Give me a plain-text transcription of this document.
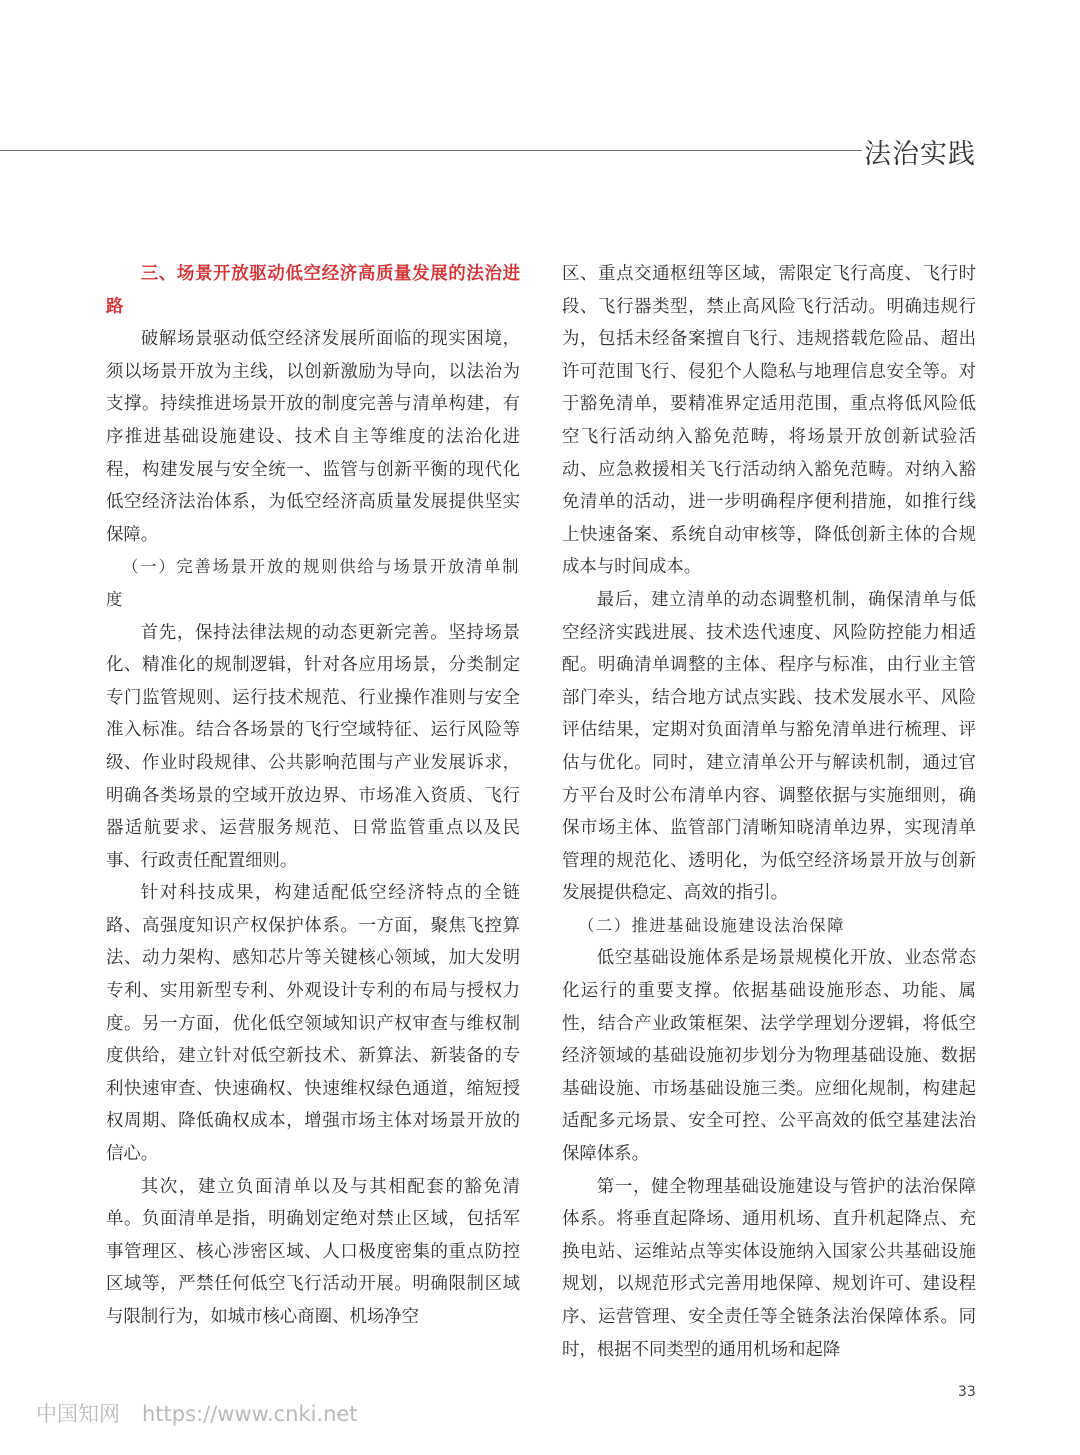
法治实践
三、场景开放驱动低空经济高质量发展的法治进路

破解场景驱动低空经济发展所面临的现实困境，须以场景开放为主线，以创新激励为导向，以法治为支撑。持续推进场景开放的制度完善与清单构建，有序推进基础设施建设、技术自主等维度的法治化进程，构建发展与安全统一、监管与创新平衡的现代化低空经济法治体系，为低空经济高质量发展提供坚实保障。

（一）完善场景开放的规则供给与场景开放清单制度

首先，保持法律法规的动态更新完善。坚持场景化、精准化的规制逻辑，针对各应用场景，分类制定专门监管规则、运行技术规范、行业操作准则与安全准入标准。结合各场景的飞行空域特征、运行风险等级、作业时段规律、公共影响范围与产业发展诉求，明确各类场景的空域开放边界、市场准入资质、飞行器适航要求、运营服务规范、日常监管重点以及民事、行政责任配置细则。

针对科技成果，构建适配低空经济特点的全链路、高强度知识产权保护体系。一方面，聚焦飞控算法、动力架构、感知芯片等关键核心领域，加大发明专利、实用新型专利、外观设计专利的布局与授权力度。另一方面，优化低空领域知识产权审查与维权制度供给，建立针对低空新技术、新算法、新装备的专利快速审查、快速确权、快速维权绿色通道，缩短授权周期、降低确权成本，增强市场主体对场景开放的信心。

其次，建立负面清单以及与其相配套的豁免清单。负面清单是指，明确划定绝对禁止区域，包括军事管理区、核心涉密区域、人口极度密集的重点防控区域等，严禁任何低空飞行活动开展。明确限制区域与限制行为，如城市核心商圈、机场净空

区、重点交通枢纽等区域，需限定飞行高度、飞行时段、飞行器类型，禁止高风险飞行活动。明确违规行为，包括未经备案擅自飞行、违规搭载危险品、超出许可范围飞行、侵犯个人隐私与地理信息安全等。对于豁免清单，要精准界定适用范围，重点将低风险低空飞行活动纳入豁免范畴，将场景开放创新试验活动、应急救援相关飞行活动纳入豁免范畴。对纳入豁免清单的活动，进一步明确程序便利措施，如推行线上快速备案、系统自动审核等，降低创新主体的合规成本与时间成本。

最后，建立清单的动态调整机制，确保清单与低空经济实践进展、技术迭代速度、风险防控能力相适配。明确清单调整的主体、程序与标准，由行业主管部门牵头，结合地方试点实践、技术发展水平、风险评估结果，定期对负面清单与豁免清单进行梳理、评估与优化。同时，建立清单公开与解读机制，通过官方平台及时公布清单内容、调整依据与实施细则，确保市场主体、监管部门清晰知晓清单边界，实现清单管理的规范化、透明化，为低空经济场景开放与创新发展提供稳定、高效的指引。

（二）推进基础设施建设法治保障

低空基础设施体系是场景规模化开放、业态常态化运行的重要支撑。依据基础设施形态、功能、属性，结合产业政策框架、法学学理划分逻辑，将低空经济领域的基础设施初步划分为物理基础设施、数据基础设施、市场基础设施三类。应细化规制，构建起适配多元场景、安全可控、公平高效的低空基建法治保障体系。

第一，健全物理基础设施建设与管护的法治保障体系。将垂直起降场、通用机场、直升机起降点、充换电站、运维站点等实体设施纳入国家公共基础设施规划，以规范形式完善用地保障、规划许可、建设程序、运营管理、安全责任等全链条法治保障体系。同时，根据不同类型的通用机场和起降

33
中国知网 https://www.cnki.net
